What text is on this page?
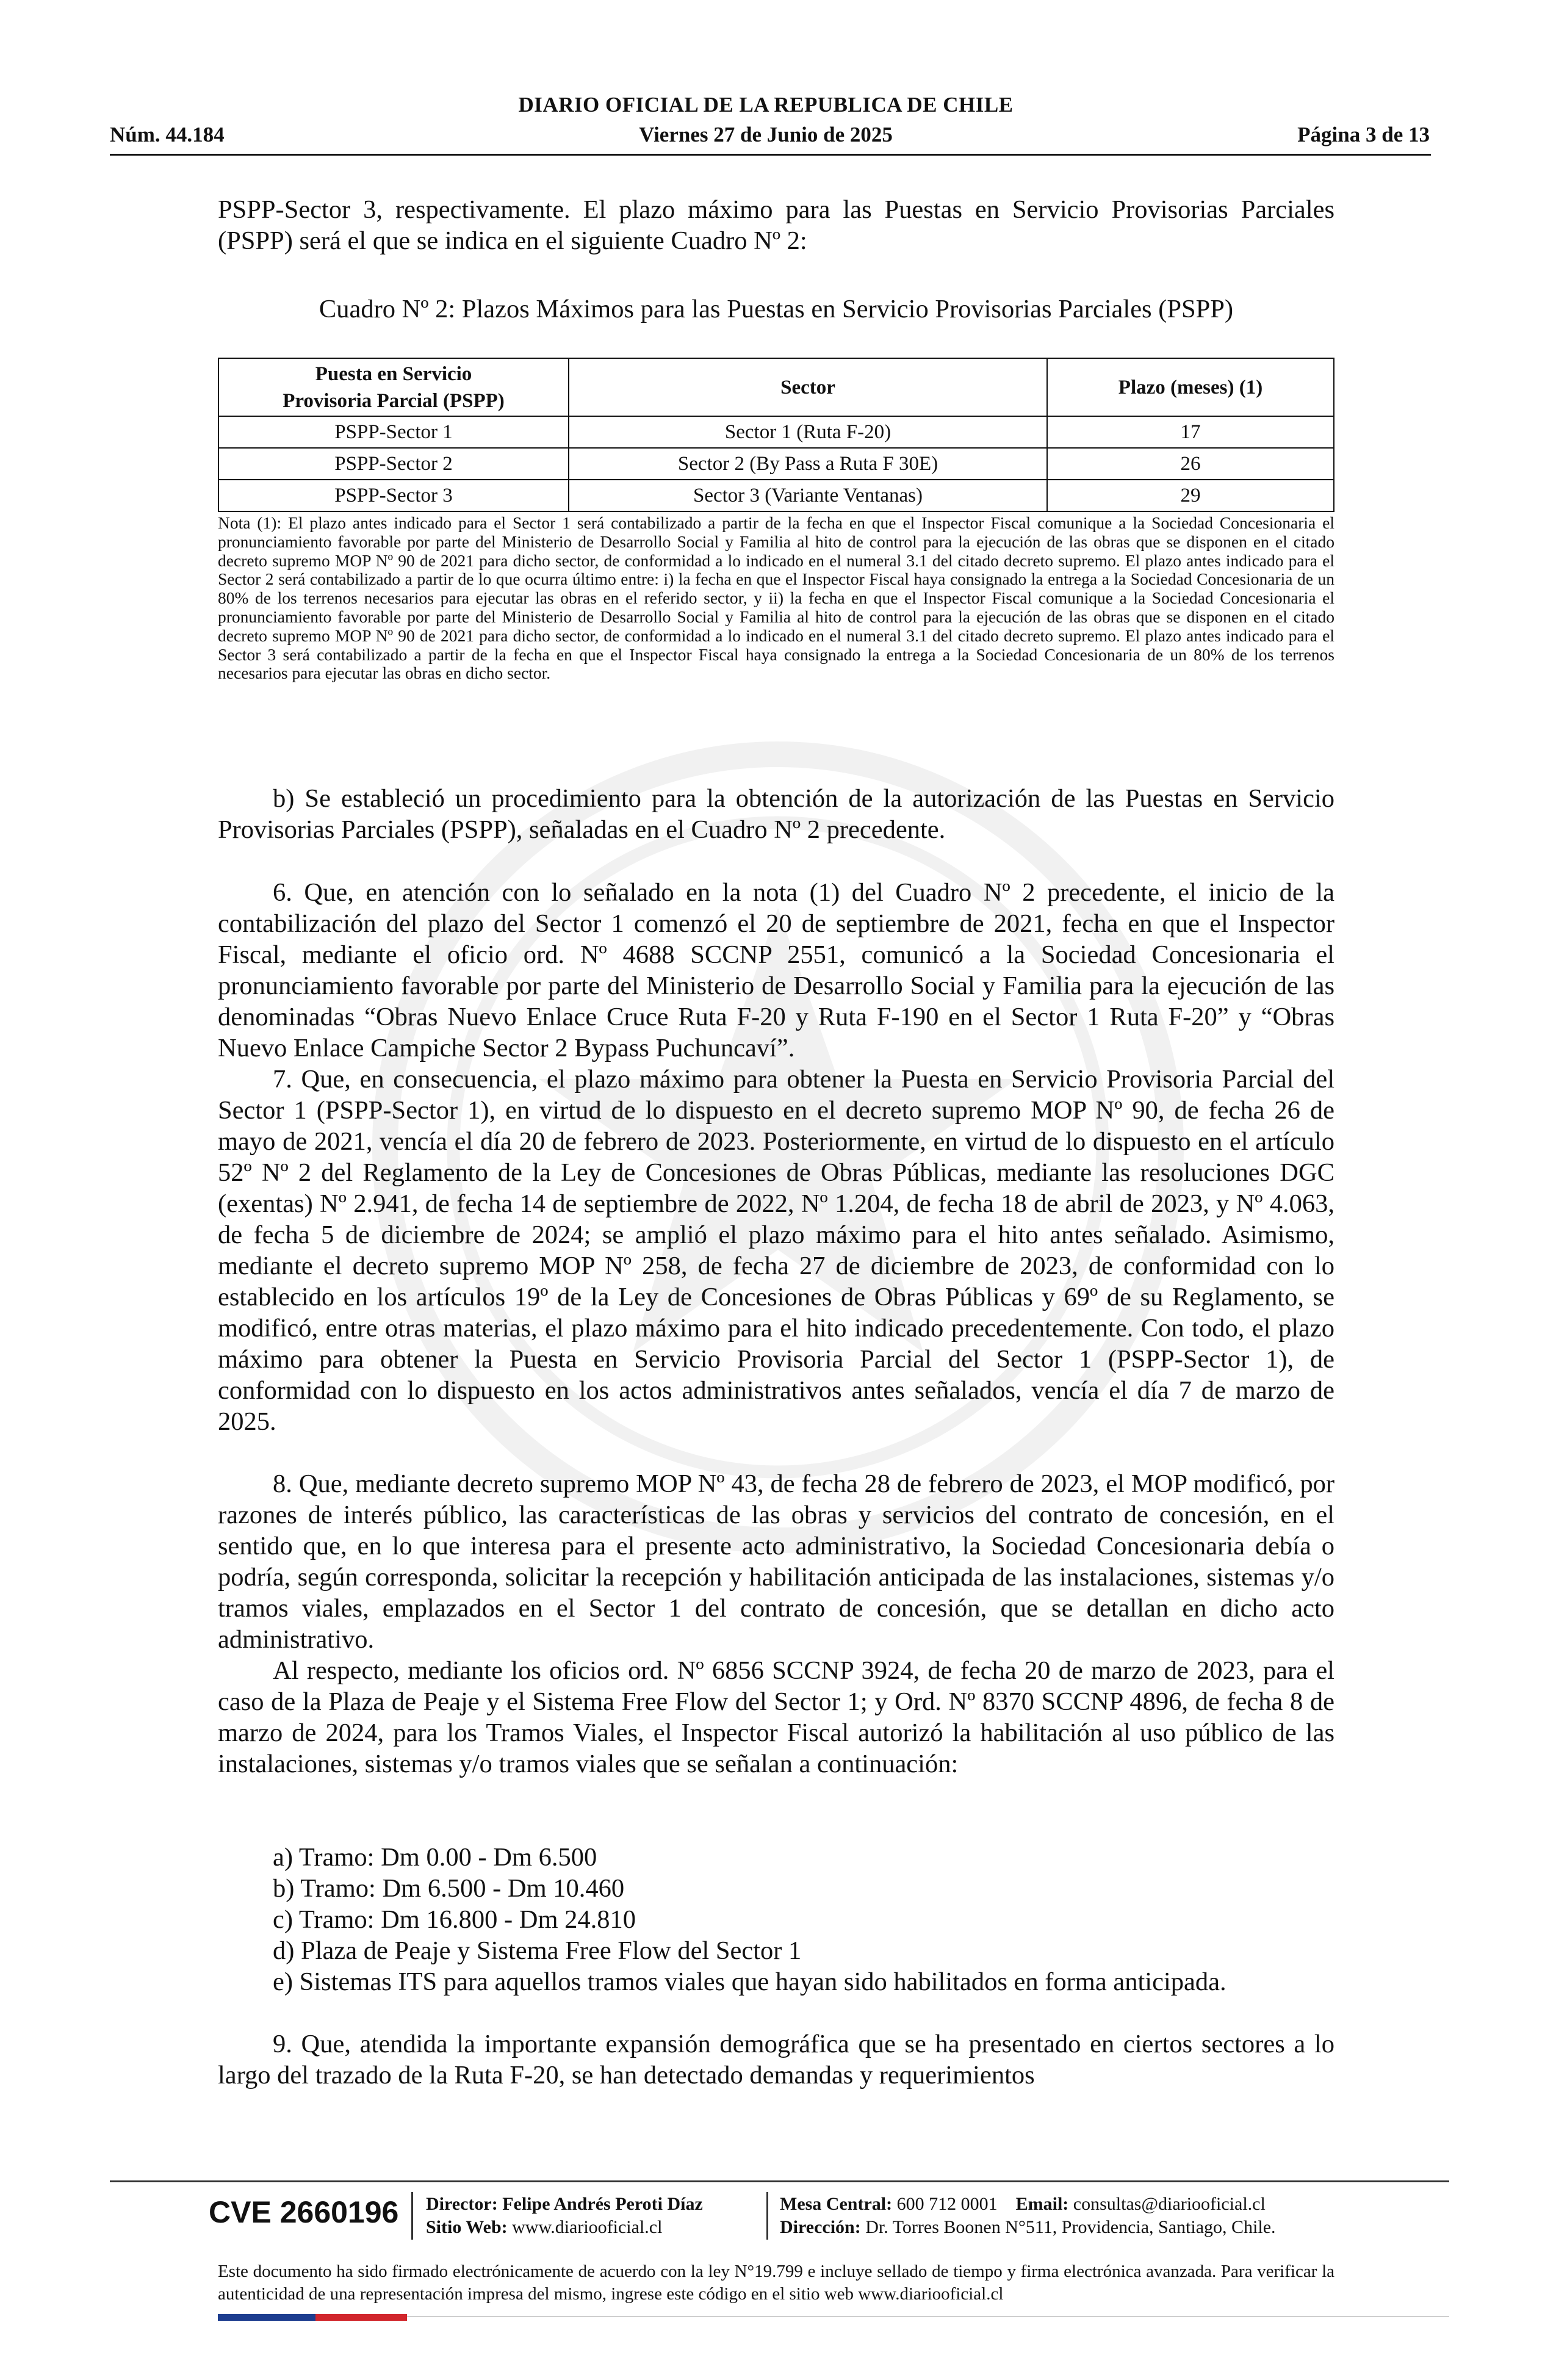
DIARIO OFICIAL DE LA REPUBLICA DE CHILE
Núm. 44.184	Viernes 27 de Junio de 2025	Página 3 de 13

PSPP-Sector 3, respectivamente. El plazo máximo para las Puestas en Servicio Provisorias Parciales (PSPP) será el que se indica en el siguiente Cuadro Nº 2:

Cuadro Nº 2: Plazos Máximos para las Puestas en Servicio Provisorias Parciales (PSPP)
Puesta en Servicio
Provisoria Parcial (PSPP)	Sector	Plazo (meses) (1)
PSPP-Sector 1	Sector 1 (Ruta F-20)	17
PSPP-Sector 2	Sector 2 (By Pass a Ruta F 30E)	26
PSPP-Sector 3	Sector 3 (Variante Ventanas)	29
Nota (1): El plazo antes indicado para el Sector 1 será contabilizado a partir de la fecha en que el Inspector Fiscal comunique a la Sociedad Concesionaria el pronunciamiento favorable por parte del Ministerio de Desarrollo Social y Familia al hito de control para la ejecución de las obras que se disponen en el citado decreto supremo MOP Nº 90 de 2021 para dicho sector, de conformidad a lo indicado en el numeral 3.1 del citado decreto supremo. El plazo antes indicado para el Sector 2 será contabilizado a partir de lo que ocurra último entre: i) la fecha en que el Inspector Fiscal haya consignado la entrega a la Sociedad Concesionaria de un 80% de los terrenos necesarios para ejecutar las obras en el referido sector, y ii) la fecha en que el Inspector Fiscal comunique a la Sociedad Concesionaria el pronunciamiento favorable por parte del Ministerio de Desarrollo Social y Familia al hito de control para la ejecución de las obras que se disponen en el citado decreto supremo MOP Nº 90 de 2021 para dicho sector, de conformidad a lo indicado en el numeral 3.1 del citado decreto supremo. El plazo antes indicado para el Sector 3 será contabilizado a partir de la fecha en que el Inspector Fiscal haya consignado la entrega a la Sociedad Concesionaria de un 80% de los terrenos necesarios para ejecutar las obras en dicho sector.

b) Se estableció un procedimiento para la obtención de la autorización de las Puestas en Servicio Provisorias Parciales (PSPP), señaladas en el Cuadro Nº 2 precedente.

6. Que, en atención con lo señalado en la nota (1) del Cuadro Nº 2 precedente, el inicio de la contabilización del plazo del Sector 1 comenzó el 20 de septiembre de 2021, fecha en que el Inspector Fiscal, mediante el oficio ord. Nº 4688 SCCNP 2551, comunicó a la Sociedad Concesionaria el pronunciamiento favorable por parte del Ministerio de Desarrollo Social y Familia para la ejecución de las denominadas “Obras Nuevo Enlace Cruce Ruta F-20 y Ruta F-190 en el Sector 1 Ruta F-20” y “Obras Nuevo Enlace Campiche Sector 2 Bypass Puchuncaví”.

7. Que, en consecuencia, el plazo máximo para obtener la Puesta en Servicio Provisoria Parcial del Sector 1 (PSPP-Sector 1), en virtud de lo dispuesto en el decreto supremo MOP Nº 90, de fecha 26 de mayo de 2021, vencía el día 20 de febrero de 2023. Posteriormente, en virtud de lo dispuesto en el artículo 52º Nº 2 del Reglamento de la Ley de Concesiones de Obras Públicas, mediante las resoluciones DGC (exentas) Nº 2.941, de fecha 14 de septiembre de 2022, Nº 1.204, de fecha 18 de abril de 2023, y Nº 4.063, de fecha 5 de diciembre de 2024; se amplió el plazo máximo para el hito antes señalado. Asimismo, mediante el decreto supremo MOP Nº 258, de fecha 27 de diciembre de 2023, de conformidad con lo establecido en los artículos 19º de la Ley de Concesiones de Obras Públicas y 69º de su Reglamento, se modificó, entre otras materias, el plazo máximo para el hito indicado precedentemente. Con todo, el plazo máximo para obtener la Puesta en Servicio Provisoria Parcial del Sector 1 (PSPP-Sector 1), de conformidad con lo dispuesto en los actos administrativos antes señalados, vencía el día 7 de marzo de 2025.

8. Que, mediante decreto supremo MOP Nº 43, de fecha 28 de febrero de 2023, el MOP modificó, por razones de interés público, las características de las obras y servicios del contrato de concesión, en el sentido que, en lo que interesa para el presente acto administrativo, la Sociedad Concesionaria debía o podría, según corresponda, solicitar la recepción y habilitación anticipada de las instalaciones, sistemas y/o tramos viales, emplazados en el Sector 1 del contrato de concesión, que se detallan en dicho acto administrativo.

Al respecto, mediante los oficios ord. Nº 6856 SCCNP 3924, de fecha 20 de marzo de 2023, para el caso de la Plaza de Peaje y el Sistema Free Flow del Sector 1; y Ord. Nº 8370 SCCNP 4896, de fecha 8 de marzo de 2024, para los Tramos Viales, el Inspector Fiscal autorizó la habilitación al uso público de las instalaciones, sistemas y/o tramos viales que se señalan a continuación:

a) Tramo: Dm 0.00 - Dm 6.500
b) Tramo: Dm 6.500 - Dm 10.460
c) Tramo: Dm 16.800 - Dm 24.810
d) Plaza de Peaje y Sistema Free Flow del Sector 1
e) Sistemas ITS para aquellos tramos viales que hayan sido habilitados en forma anticipada.

9. Que, atendida la importante expansión demográfica que se ha presentado en ciertos sectores a lo largo del trazado de la Ruta F-20, se han detectado demandas y requerimientos

CVE 2660196 Director: Felipe Andrés Peroti Díaz
Sitio Web: www.diariooficial.cl
Mesa Central: 600 712 0001 Email: consultas@diariooficial.cl
Dirección: Dr. Torres Boonen N°511, Providencia, Santiago, Chile.
Este documento ha sido firmado electrónicamente de acuerdo con la ley N°19.799 e incluye sellado de tiempo y firma electrónica avanzada. Para verificar la autenticidad de una representación impresa del mismo, ingrese este código en el sitio web www.diariooficial.cl
